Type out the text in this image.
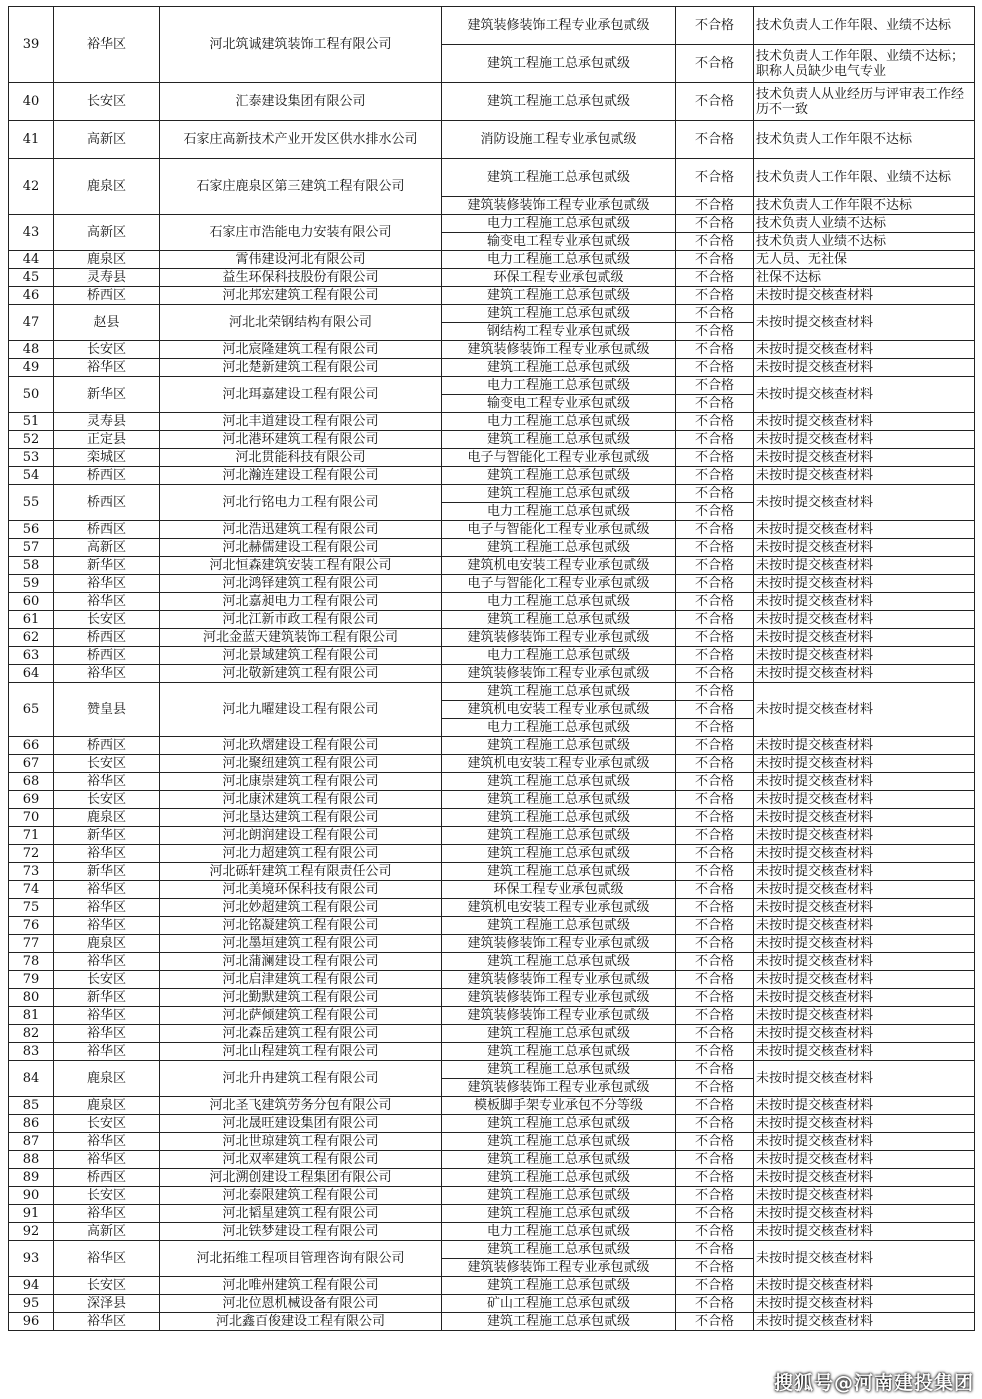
39	裕华区	河北筑诚建筑装饰工程有限公司	建筑装修装饰工程专业承包贰级	不合格	技术负责人工作年限、业绩不达标
			建筑工程施工总承包贰级	不合格	技术负责人工作年限、业绩不达标；职称人员缺少电气专业
40	长安区	汇泰建设集团有限公司	建筑工程施工总承包贰级	不合格	技术负责人从业经历与评审表工作经历不一致
41	高新区	石家庄高新技术产业开发区供水排水公司	消防设施工程专业承包贰级	不合格	技术负责人工作年限不达标
42	鹿泉区	石家庄鹿泉区第三建筑工程有限公司	建筑工程施工总承包贰级	不合格	技术负责人工作年限、业绩不达标
			建筑装修装饰工程专业承包贰级	不合格	技术负责人工作年限不达标
43	高新区	石家庄市浩能电力安装有限公司	电力工程施工总承包贰级	不合格	技术负责人业绩不达标
			输变电工程专业承包贰级	不合格	技术负责人业绩不达标
44	鹿泉区	霄伟建设河北有限公司	电力工程施工总承包贰级	不合格	无人员、无社保
45	灵寿县	益生环保科技股份有限公司	环保工程专业承包贰级	不合格	社保不达标
46	桥西区	河北邦宏建筑工程有限公司	建筑工程施工总承包贰级	不合格	未按时提交核查材料
47	赵县	河北北荣钢结构有限公司	建筑工程施工总承包贰级	不合格	未按时提交核查材料
			钢结构工程专业承包贰级	不合格	
48	长安区	河北宸隆建筑工程有限公司	建筑装修装饰工程专业承包贰级	不合格	未按时提交核查材料
49	裕华区	河北楚新建筑工程有限公司	建筑工程施工总承包贰级	不合格	未按时提交核查材料
50	新华区	河北珥嘉建设工程有限公司	电力工程施工总承包贰级	不合格	未按时提交核查材料
			输变电工程专业承包贰级	不合格	
51	灵寿县	河北丰道建设工程有限公司	电力工程施工总承包贰级	不合格	未按时提交核查材料
52	正定县	河北港环建筑工程有限公司	建筑工程施工总承包贰级	不合格	未按时提交核查材料
53	栾城区	河北贯能科技有限公司	电子与智能化工程专业承包贰级	不合格	未按时提交核查材料
54	桥西区	河北瀚连建设工程有限公司	建筑工程施工总承包贰级	不合格	未按时提交核查材料
55	桥西区	河北行铭电力工程有限公司	建筑工程施工总承包贰级	不合格	未按时提交核查材料
			电力工程施工总承包贰级	不合格	
56	桥西区	河北浩迅建筑工程有限公司	电子与智能化工程专业承包贰级	不合格	未按时提交核查材料
57	高新区	河北赫儒建设工程有限公司	建筑工程施工总承包贰级	不合格	未按时提交核查材料
58	新华区	河北恒森建筑安装工程有限公司	建筑机电安装工程专业承包贰级	不合格	未按时提交核查材料
59	裕华区	河北鸿铎建筑工程有限公司	电子与智能化工程专业承包贰级	不合格	未按时提交核查材料
60	裕华区	河北嘉昶电力工程有限公司	电力工程施工总承包贰级	不合格	未按时提交核查材料
61	长安区	河北江新市政工程有限公司	建筑工程施工总承包贰级	不合格	未按时提交核查材料
62	桥西区	河北金蓝天建筑装饰工程有限公司	建筑装修装饰工程专业承包贰级	不合格	未按时提交核查材料
63	桥西区	河北景域建筑工程有限公司	电力工程施工总承包贰级	不合格	未按时提交核查材料
64	裕华区	河北敬新建筑工程有限公司	建筑装修装饰工程专业承包贰级	不合格	未按时提交核查材料
65	赞皇县	河北九曜建设工程有限公司	建筑工程施工总承包贰级	不合格	未按时提交核查材料
			建筑机电安装工程专业承包贰级	不合格	
			电力工程施工总承包贰级	不合格	
66	桥西区	河北玖熠建设工程有限公司	建筑工程施工总承包贰级	不合格	未按时提交核查材料
67	长安区	河北聚纽建筑工程有限公司	建筑机电安装工程专业承包贰级	不合格	未按时提交核查材料
68	裕华区	河北康崇建筑工程有限公司	建筑工程施工总承包贰级	不合格	未按时提交核查材料
69	长安区	河北康沭建筑工程有限公司	建筑工程施工总承包贰级	不合格	未按时提交核查材料
70	鹿泉区	河北垦达建筑工程有限公司	建筑工程施工总承包贰级	不合格	未按时提交核查材料
71	新华区	河北朗润建设工程有限公司	建筑工程施工总承包贰级	不合格	未按时提交核查材料
72	裕华区	河北力超建筑工程有限公司	建筑工程施工总承包贰级	不合格	未按时提交核查材料
73	新华区	河北砾轩建筑工程有限责任公司	建筑工程施工总承包贰级	不合格	未按时提交核查材料
74	裕华区	河北美境环保科技有限公司	环保工程专业承包贰级	不合格	未按时提交核查材料
75	裕华区	河北妙超建筑工程有限公司	建筑机电安装工程专业承包贰级	不合格	未按时提交核查材料
76	裕华区	河北铭凝建筑工程有限公司	建筑工程施工总承包贰级	不合格	未按时提交核查材料
77	鹿泉区	河北墨垣建筑工程有限公司	建筑装修装饰工程专业承包贰级	不合格	未按时提交核查材料
78	裕华区	河北蒲澜建设工程有限公司	建筑工程施工总承包贰级	不合格	未按时提交核查材料
79	长安区	河北启津建筑工程有限公司	建筑装修装饰工程专业承包贰级	不合格	未按时提交核查材料
80	新华区	河北勤默建筑工程有限公司	建筑装修装饰工程专业承包贰级	不合格	未按时提交核查材料
81	裕华区	河北萨倾建筑工程有限公司	建筑装修装饰工程专业承包贰级	不合格	未按时提交核查材料
82	裕华区	河北森岳建筑工程有限公司	建筑工程施工总承包贰级	不合格	未按时提交核查材料
83	裕华区	河北山程建筑工程有限公司	建筑工程施工总承包贰级	不合格	未按时提交核查材料
84	鹿泉区	河北升冉建筑工程有限公司	建筑工程施工总承包贰级	不合格	未按时提交核查材料
			建筑装修装饰工程专业承包贰级	不合格	
85	鹿泉区	河北圣飞建筑劳务分包有限公司	模板脚手架专业承包不分等级	不合格	未按时提交核查材料
86	长安区	河北晟旺建设集团有限公司	建筑工程施工总承包贰级	不合格	未按时提交核查材料
87	裕华区	河北世琼建筑工程有限公司	建筑工程施工总承包贰级	不合格	未按时提交核查材料
88	裕华区	河北双率建筑工程有限公司	建筑工程施工总承包贰级	不合格	未按时提交核查材料
89	桥西区	河北溯创建设工程集团有限公司	建筑工程施工总承包贰级	不合格	未按时提交核查材料
90	长安区	河北泰限建筑工程有限公司	建筑工程施工总承包贰级	不合格	未按时提交核查材料
91	裕华区	河北韬星建筑工程有限公司	建筑工程施工总承包贰级	不合格	未按时提交核查材料
92	高新区	河北铁梦建设工程有限公司	电力工程施工总承包贰级	不合格	未按时提交核查材料
93	裕华区	河北拓维工程项目管理咨询有限公司	建筑工程施工总承包贰级	不合格	未按时提交核查材料
			建筑装修装饰工程专业承包贰级	不合格	
94	长安区	河北唯州建筑工程有限公司	建筑工程施工总承包贰级	不合格	未按时提交核查材料
95	深泽县	河北位恩机械设备有限公司	矿山工程施工总承包贰级	不合格	未按时提交核查材料
96	裕华区	河北鑫百俊建设工程有限公司	建筑工程施工总承包贰级	不合格	未按时提交核查材料
搜狐号@河南建投集团
